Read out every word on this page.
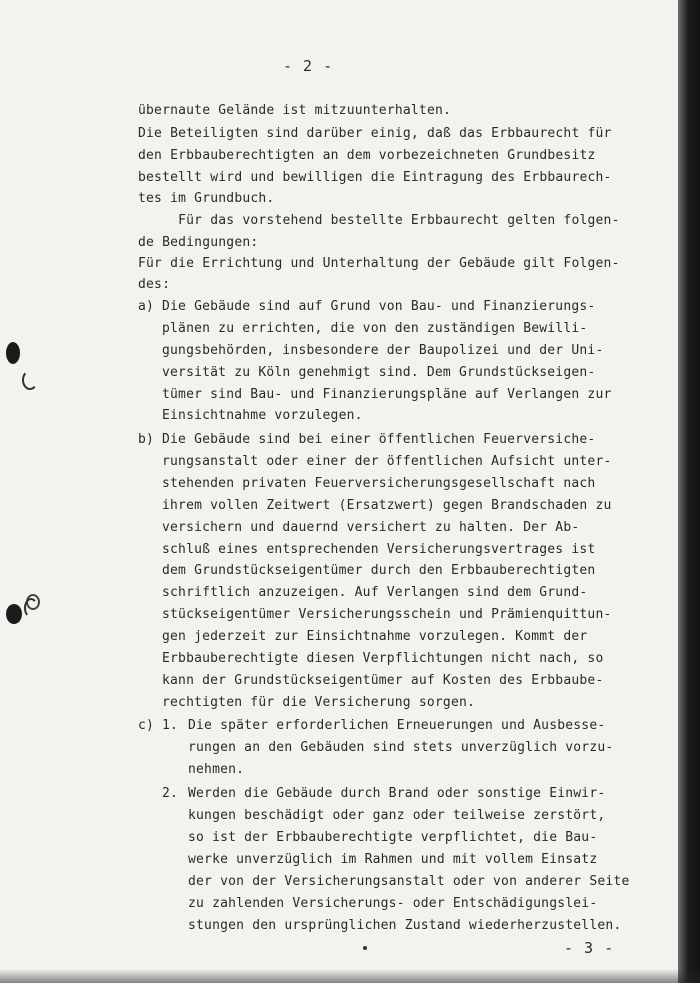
- 2 -
übernaute Gelände ist mitzuunterhalten.
Die Beteiligten sind darüber einig, daß das Erbbaurecht für
den Erbbauberechtigten an dem vorbezeichneten Grundbesitz
bestellt wird und bewilligen die Eintragung des Erbbaurech-
tes im Grundbuch.
Für das vorstehend bestellte Erbbaurecht gelten folgen-
de Bedingungen:
Für die Errichtung und Unterhaltung der Gebäude gilt Folgen-
des:
a) Die Gebäude sind auf Grund von Bau- und Finanzierungs-
plänen zu errichten, die von den zuständigen Bewilli-
gungsbehörden, insbesondere der Baupolizei und der Uni-
versität zu Köln genehmigt sind. Dem Grundstückseigen-
tümer sind Bau- und Finanzierungspläne auf Verlangen zur
Einsichtnahme vorzulegen.
b) Die Gebäude sind bei einer öffentlichen Feuerversiche-
rungsanstalt oder einer der öffentlichen Aufsicht unter-
stehenden privaten Feuerversicherungsgesellschaft nach
ihrem vollen Zeitwert (Ersatzwert) gegen Brandschaden zu
versichern und dauernd versichert zu halten. Der Ab-
schluß eines entsprechenden Versicherungsvertrages ist
dem Grundstückseigentümer durch den Erbbauberechtigten
schriftlich anzuzeigen. Auf Verlangen sind dem Grund-
stückseigentümer Versicherungsschein und Prämienquittun-
gen jederzeit zur Einsichtnahme vorzulegen. Kommt der
Erbbauberechtigte diesen Verpflichtungen nicht nach, so
kann der Grundstückseigentümer auf Kosten des Erbbaube-
rechtigten für die Versicherung sorgen.
c) 1. Die später erforderlichen Erneuerungen und Ausbesse-
rungen an den Gebäuden sind stets unverzüglich vorzu-
nehmen.
2. Werden die Gebäude durch Brand oder sonstige Einwir-
kungen beschädigt oder ganz oder teilweise zerstört,
so ist der Erbbauberechtigte verpflichtet, die Bau-
werke unverzüglich im Rahmen und mit vollem Einsatz
der von der Versicherungsanstalt oder von anderer Seite
zu zahlenden Versicherungs- oder Entschädigungslei-
stungen den ursprünglichen Zustand wiederherzustellen.
- 3 -
